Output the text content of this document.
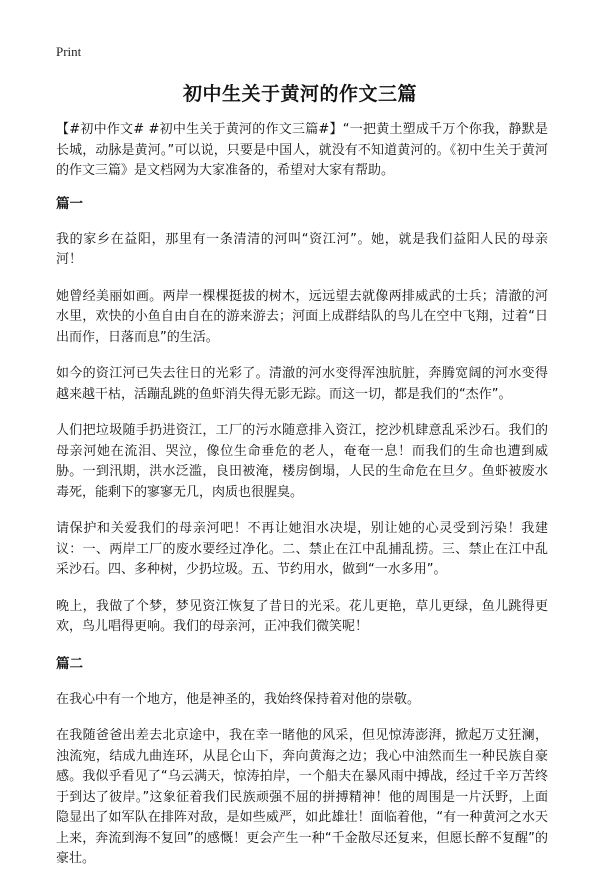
Print
初中生关于黄河的作文三篇

【#初中作文# #初中生关于黄河的作文三篇#】“一把黄土塑成千万个你我，静默是长城，动脉是黄河。”可以说，只要是中国人，就没有不知道黄河的。《初中生关于黄河的作文三篇》是文档网为大家准备的，希望对大家有帮助。

篇一

我的家乡在益阳，那里有一条清清的河叫“资江河”。她，就是我们益阳人民的母亲河！

她曾经美丽如画。两岸一棵棵挺拔的树木，远远望去就像两排威武的士兵；清澈的河水里，欢快的小鱼自由自在的游来游去；河面上成群结队的鸟儿在空中飞翔，过着“日出而作，日落而息”的生活。

如今的资江河已失去往日的光彩了。清澈的河水变得浑浊肮脏，奔腾宽阔的河水变得越来越干枯，活蹦乱跳的鱼虾消失得无影无踪。而这一切，都是我们的“杰作”。

人们把垃圾随手扔进资江，工厂的污水随意排入资江，挖沙机肆意乱采沙石。我们的母亲河她在流泪、哭泣，像位生命垂危的老人，奄奄一息！而我们的生命也遭到威胁。一到汛期，洪水泛滥，良田被淹，楼房倒塌，人民的生命危在旦夕。鱼虾被废水毒死，能剩下的寥寥无几，肉质也很腥臭。

请保护和关爱我们的母亲河吧！不再让她泪水决堤，别让她的心灵受到污染！我建议：一、两岸工厂的废水要经过净化。二、禁止在江中乱捕乱捞。三、禁止在江中乱采沙石。四、多种树，少扔垃圾。五、节约用水，做到“一水多用”。

晚上，我做了个梦，梦见资江恢复了昔日的光采。花儿更艳，草儿更绿，鱼儿跳得更欢，鸟儿唱得更响。我们的母亲河，正冲我们微笑呢！

篇二

在我心中有一个地方，他是神圣的，我始终保持着对他的崇敬。

在我随爸爸出差去北京途中，我在幸一睹他的风采，但见惊涛澎湃，掀起万丈狂澜，浊流宛，结成九曲连环，从昆仑山下，奔向黄海之边；我心中油然而生一种民族自豪感。我似乎看见了“乌云满天，惊涛拍岸，一个船夫在暴风雨中搏战，经过千辛万苦终于到达了彼岸。”这象征着我们民族顽强不屈的拼搏精神！他的周围是一片沃野，上面隐显出了如军队在排阵对敌，是如些威严，如此雄壮！面临着他，“有一种黄河之水天上来，奔流到海不复回”的感慨！更会产生一种“千金散尽还复来，但愿长醉不复醒”的豪壮。
